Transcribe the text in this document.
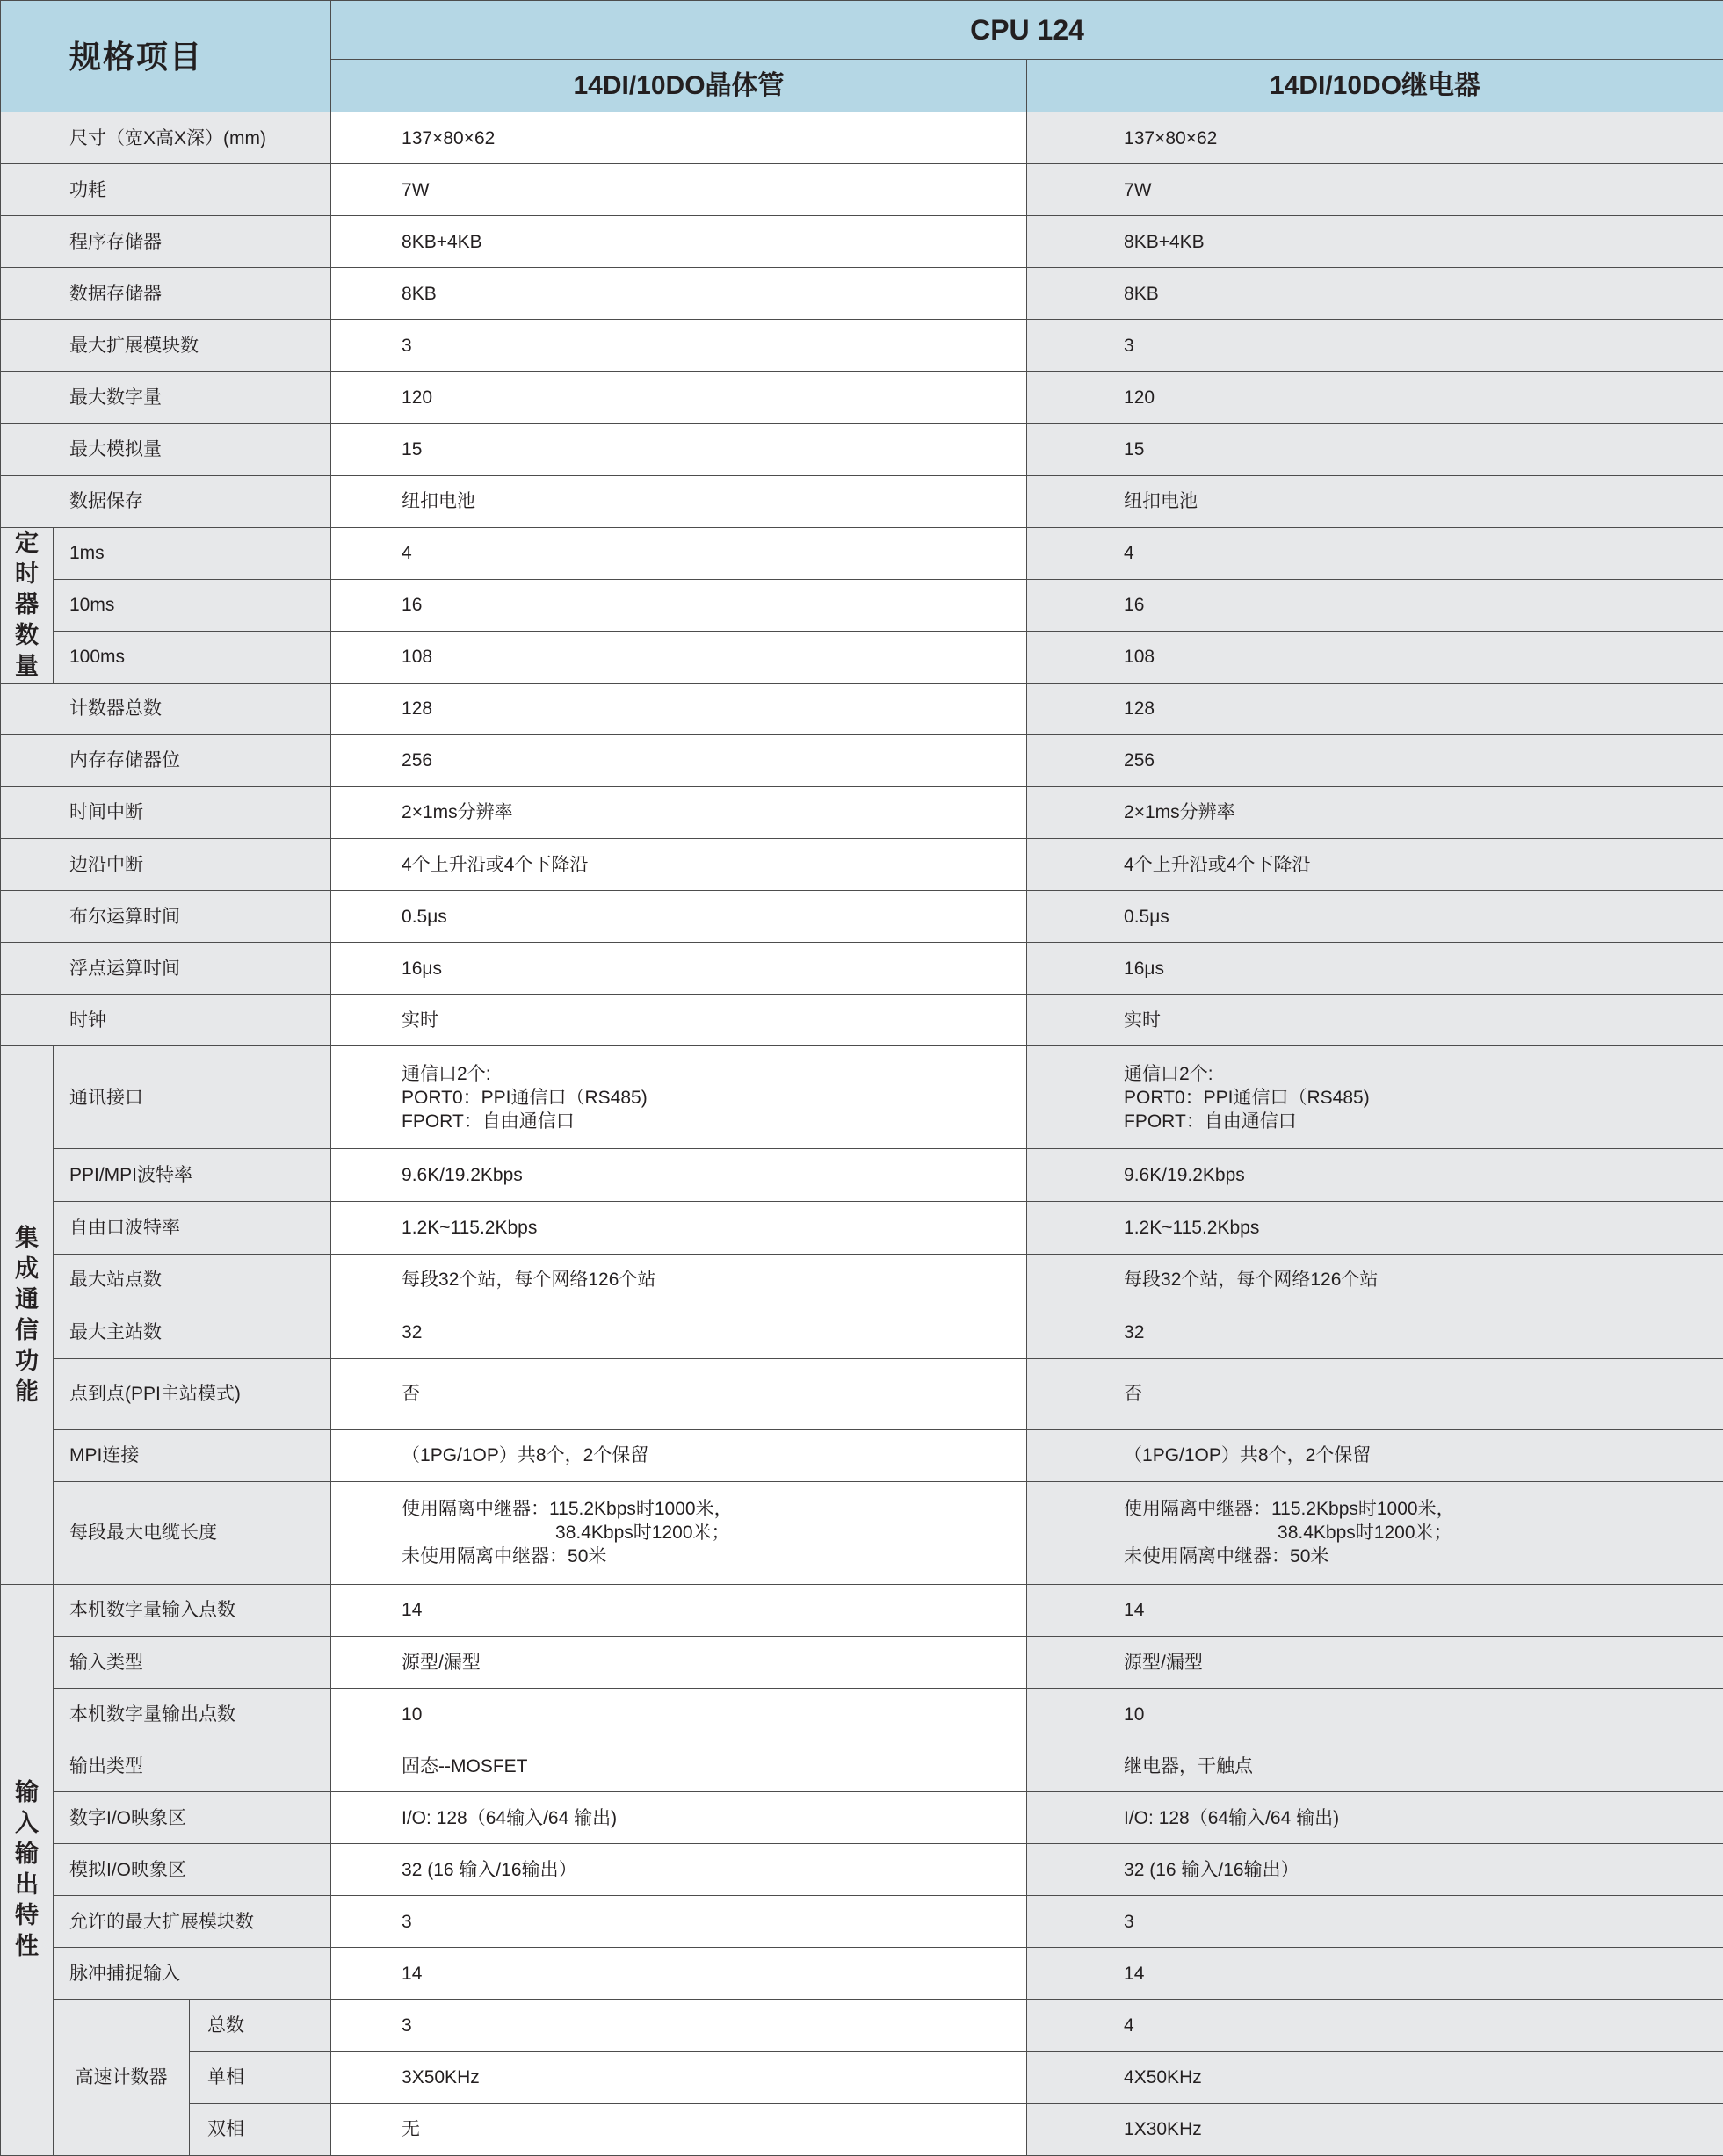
规格项目			CPU 124	
			14DI/10DO晶体管	14DI/10DO继电器
尺寸（宽X高X深）(mm)			137×80×62	137×80×62
功耗			7W	7W
程序存储器			8KB+4KB	8KB+4KB
数据存储器			8KB	8KB
最大扩展模块数			3	3
最大数字量			120	120
最大模拟量			15	15
数据保存			纽扣电池	纽扣电池
定时器数量	1ms		4	4
	10ms		16	16
	100ms		108	108
计数器总数			128	128
内存存储器位			256	256
时间中断			2×1ms分辨率	2×1ms分辨率
边沿中断			4个上升沿或4个下降沿	4个上升沿或4个下降沿
布尔运算时间			0.5μs	0.5μs
浮点运算时间			16μs	16μs
时钟			实时	实时
集成通信功能	通讯接口		通信口2个:
PORT0：PPI通信口（RS485)
FPORT：自由通信口	通信口2个:
PORT0：PPI通信口（RS485)
FPORT：自由通信口
	PPI/MPI波特率		9.6K/19.2Kbps	9.6K/19.2Kbps
	自由口波特率		1.2K~115.2Kbps	1.2K~115.2Kbps
	最大站点数		每段32个站，每个网络126个站	每段32个站，每个网络126个站
	最大主站数		32	32
	点到点(PPI主站模式)		否	否
	MPI连接		（1PG/1OP）共8个，2个保留	（1PG/1OP）共8个，2个保留
	每段最大电缆长度		使用隔离中继器：115.2Kbps时1000米，
38.4Kbps时1200米；
未使用隔离中继器：50米	使用隔离中继器：115.2Kbps时1000米，
38.4Kbps时1200米；
未使用隔离中继器：50米
输入输出特性	本机数字量输入点数		14	14
	输入类型		源型/漏型	源型/漏型
	本机数字量输出点数		10	10
	输出类型		固态--MOSFET	继电器，干触点
	数字I/O映象区		I/O: 128（64输入/64 输出)	I/O: 128（64输入/64 输出)
	模拟I/O映象区		32 (16 输入/16输出）	32 (16 输入/16输出）
	允许的最大扩展模块数		3	3
	脉冲捕捉输入		14	14
	高速计数器	总数	3	4
		单相	3X50KHz	4X50KHz
		双相	无	1X30KHz
